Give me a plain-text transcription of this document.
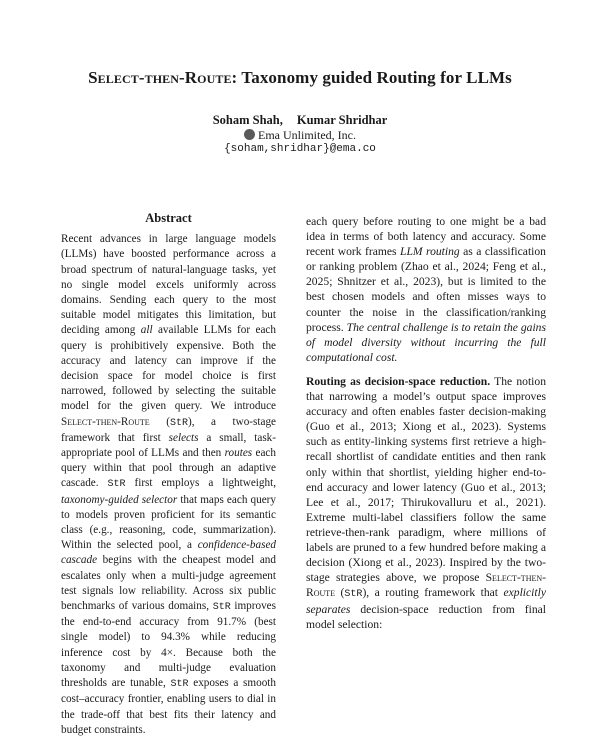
Select-then-Route: Taxonomy guided Routing for LLMs
Soham Shah, Kumar Shridhar
Ema Unlimited, Inc.
{soham,shridhar}@ema.co
Abstract

Recent advances in large language models (LLMs) have boosted performance across a broad spectrum of natural-language tasks, yet no single model excels uniformly across domains. Sending each query to the most suitable model mitigates this limitation, but deciding among all available LLMs for each query is prohibitively expensive. Both the accuracy and latency can improve if the decision space for model choice is first narrowed, followed by selecting the suitable model for the given query. We introduce Select-then-Route (StR), a two-stage framework that first selects a small, task-appropriate pool of LLMs and then routes each query within that pool through an adaptive cascade. StR first employs a lightweight, taxonomy-guided selector that maps each query to models proven proficient for its semantic class (e.g., reasoning, code, summarization). Within the selected pool, a confidence-based cascade begins with the cheapest model and escalates only when a multi-judge agreement test signals low reliability. Across six public benchmarks of various domains, StR improves the end-to-end accuracy from 91.7% (best single model) to 94.3% while reducing inference cost by 4×. Because both the taxonomy and multi-judge evaluation thresholds are tunable, StR exposes a smooth cost–accuracy frontier, enabling users to dial in the trade-off that best fits their latency and budget constraints.

each query before routing to one might be a bad idea in terms of both latency and accuracy. Some recent work frames LLM routing as a classification or ranking problem (Zhao et al., 2024; Feng et al., 2025; Shnitzer et al., 2023), but is limited to the best chosen models and often misses ways to counter the noise in the classification/ranking process. The central challenge is to retain the gains of model diversity without incurring the full computational cost.

Routing as decision-space reduction. The notion that narrowing a model’s output space improves accuracy and often enables faster decision-making (Guo et al., 2013; Xiong et al., 2023). Systems such as entity-linking systems first retrieve a high-recall shortlist of candidate entities and then rank only within that shortlist, yielding higher end-to-end accuracy and lower latency (Guo et al., 2013; Lee et al., 2017; Thirukovalluru et al., 2021). Extreme multi-label classifiers follow the same retrieve-then-rank paradigm, where millions of labels are pruned to a few hundred before making a decision (Xiong et al., 2023). Inspired by the two-stage strategies above, we propose Select-then-Route (StR), a routing framework that explicitly separates decision-space reduction from final model selection:
